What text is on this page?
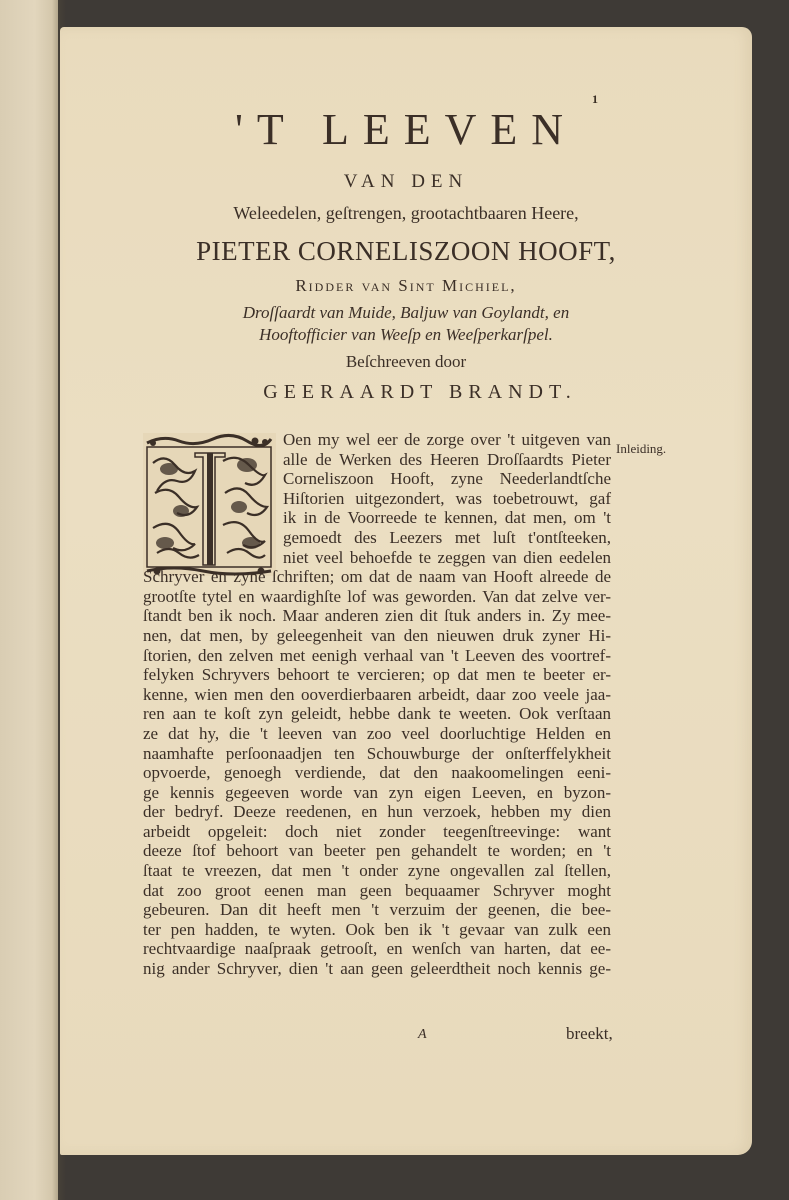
1
'T LEEVEN
VAN DEN
Weleedelen, geſtrengen, grootachtbaaren Heere,
PIETER CORNELISZOON HOOFT,
Ridder van Sint Michiel,
Droſſaardt van Muide, Baljuw van Goylandt, en
Hooftofficier van Weeſp en Weeſperkarſpel.
Beſchreeven door
GEERAARDT BRANDT.
Inleiding.
Oen my wel eer de zorge over 't uitgeven van
alle de Werken des Heeren Droſſaardts Pieter
Corneliszoon Hooft, zyne Neederlandtſche
Hiſtorien uitgezondert, was toebetrouwt, gaf
ik in de Voorreede te kennen, dat men, om 't
gemoedt des Leezers met luſt t'ontſteeken,
niet veel behoefde te zeggen van dien eedelen
Schryver en zyne ſchriften; om dat de naam van Hooft alreede de
grootſte tytel en waardighſte lof was geworden. Van dat zelve ver-
ſtandt ben ik noch. Maar anderen zien dit ſtuk anders in. Zy mee-
nen, dat men, by geleegenheit van den nieuwen druk zyner Hi-
ſtorien, den zelven met eenigh verhaal van 't Leeven des voortref-
felyken Schryvers behoort te vercieren; op dat men te beeter er-
kenne, wien men den ooverdierbaaren arbeidt, daar zoo veele jaa-
ren aan te koſt zyn geleidt, hebbe dank te weeten. Ook verſtaan
ze dat hy, die 't leeven van zoo veel doorluchtige Helden en
naamhafte perſoonaadjen ten Schouwburge der onſterffelykheit
opvoerde, genoegh verdiende, dat den naakoomelingen eeni-
ge kennis gegeeven worde van zyn eigen Leeven, en byzon-
der bedryf. Deeze reedenen, en hun verzoek, hebben my dien
arbeidt opgeleit: doch niet zonder teegenſtreevinge: want
deeze ſtof behoort van beeter pen gehandelt te worden; en 't
ſtaat te vreezen, dat men 't onder zyne ongevallen zal ſtellen,
dat zoo groot eenen man geen bequaamer Schryver moght
gebeuren. Dan dit heeft men 't verzuim der geenen, die bee-
ter pen hadden, te wyten. Ook ben ik 't gevaar van zulk een
rechtvaardige naaſpraak getrooſt, en wenſch van harten, dat ee-
nig ander Schryver, dien 't aan geen geleerdtheit noch kennis ge-
A	breekt,
